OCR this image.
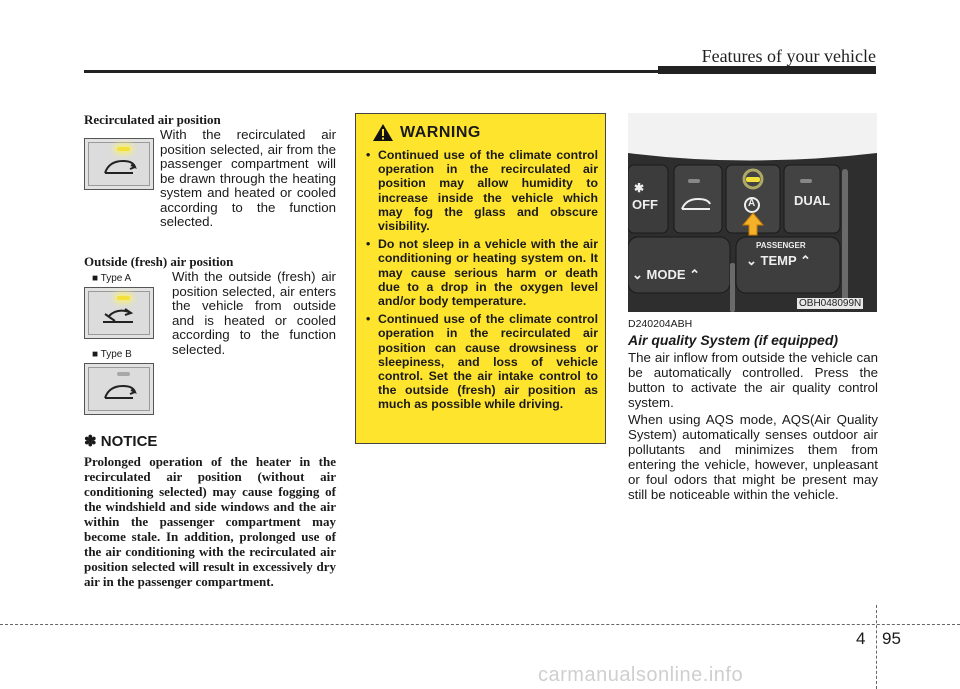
Features of your vehicle
Recirculated air position
With the recirculated air position selected, air from the passenger compartment will be drawn through the heating system and heated or cooled according to the function selected.
Outside (fresh) air position
■ Type A
■ Type B
With the outside (fresh) air position selected, air enters the vehicle from outside and is heated or cooled according to the function selected.
✽ NOTICE
Prolonged operation of the heater in the recirculated air position (without air conditioning selected) may cause fogging of the windshield and side windows and the air within the passenger compartment may become stale. In addition, prolonged use of the air conditioning with the recirculated air position selected will result in excessively dry air in the passenger compartment.
WARNING
• Continued use of the climate control operation in the recirculated air position may allow humidity to increase inside the vehicle which may fog the glass and obscure visibility.
• Do not sleep in a vehicle with the air conditioning or heating system on. It may cause serious harm or death due to a drop in the oxygen level and/or body temperature.
• Continued use of the climate control operation in the recirculated air position can cause drowsiness or sleepiness, and loss of vehicle control. Set the air intake control to the outside (fresh) air position as much as possible while driving.
✱
OFF	DUAL
A
⌄ MODE ⌃
PASSENGER
⌄ TEMP ⌃
OBH048099N
D240204ABH
Air quality System (if equipped)
The air inflow from outside the vehicle can be automatically controlled. Press the button to activate the air quality control system.
When using AQS mode, AQS(Air Quality System) automatically senses outdoor air pollutants and minimizes them from entering the vehicle, however, unpleasant or foul odors that might be present may still be noticeable within the vehicle.
4 95
carmanualsonline.info
